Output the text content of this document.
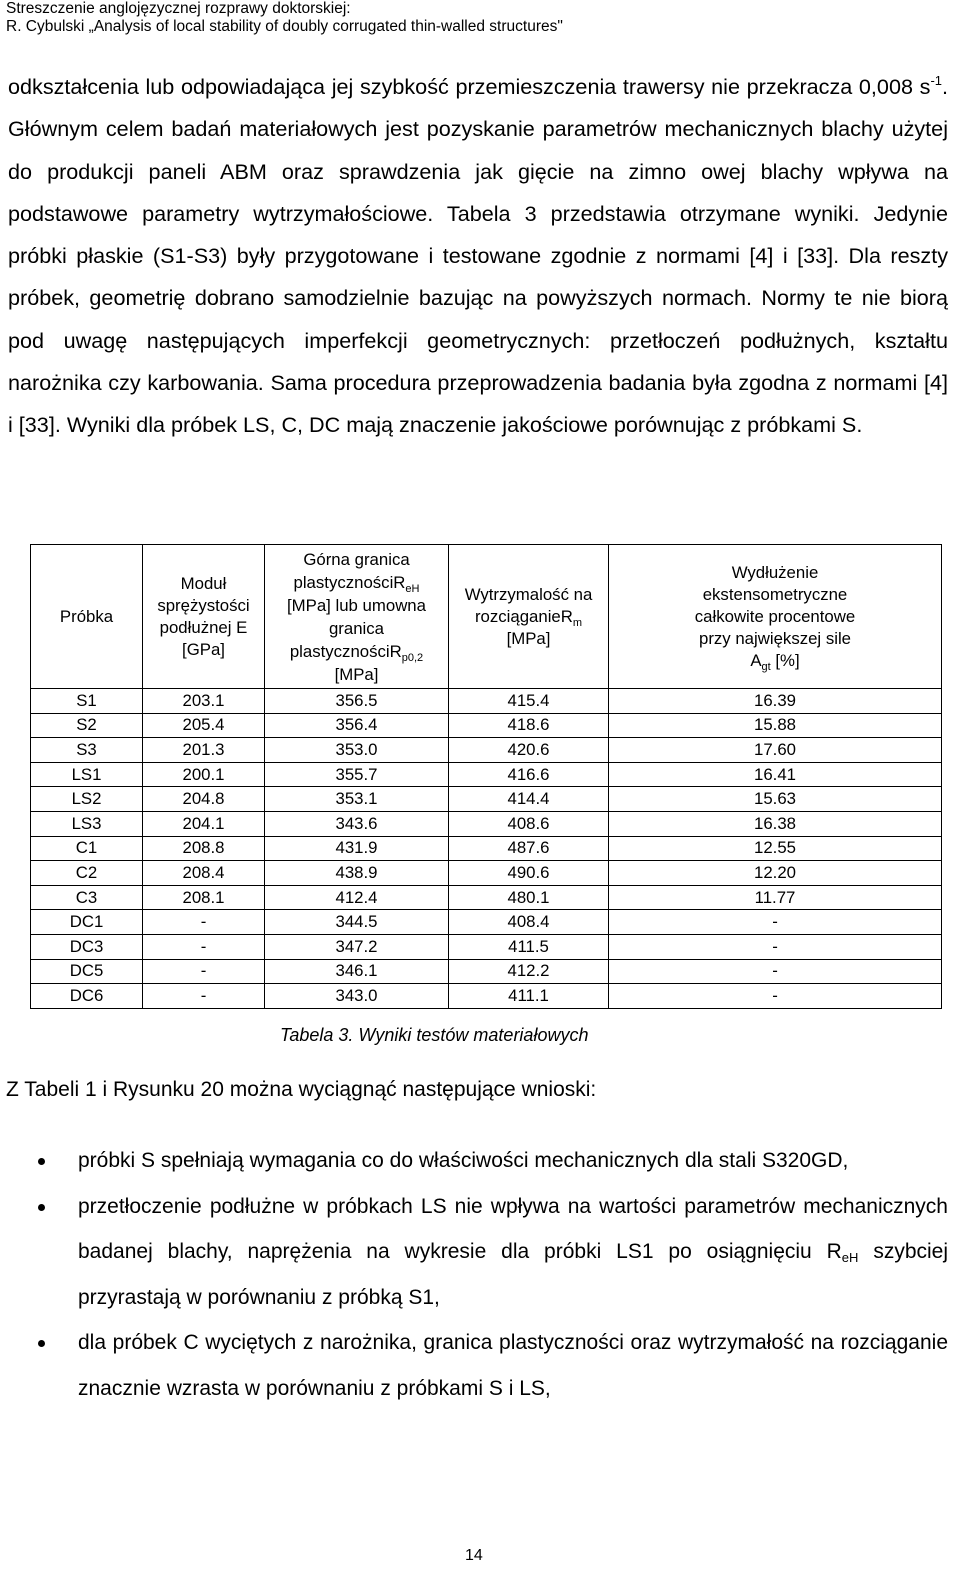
Streszczenie anglojęzycznej rozprawy doktorskiej:
R. Cybulski „Analysis of local stability of doubly corrugated thin-walled structures"

odkształcenia lub odpowiadająca jej szybkość przemieszczenia trawersy nie przekracza 0,008 $s^{-1}$. Głównym celem badań materiałowych jest pozyskanie parametrów mechanicznych blachy użytej do produkcji paneli ABM oraz sprawdzenia jak gięcie na zimno owej blachy wpływa na podstawowe parametry wytrzymałościowe. Tabela 3 przedstawia otrzymane wyniki. Jedynie próbki płaskie (S1-S3) były przygotowane i testowane zgodnie z normami [4] i [33]. Dla reszty próbek, geometrię dobrano samodzielnie bazując na powyższych normach. Normy te nie biorą pod uwagę następujących imperfekcji geometrycznych: przetłoczeń podłużnych, kształtu narożnika czy karbowania. Sama procedura przeprowadzenia badania była zgodna z normami [4] i [33]. Wyniki dla próbek LS, C, DC mają znaczenie jakościowe porównując z próbkami S.

Próbka	Moduł sprężystości podłużnej E [GPa]	Górna granica plastycznościR$_{eH}$ [MPa] lub umowna granica plastycznościR$_{p0,2}$ [MPa]	Wytrzymalość na rozciąganieR$_m$ [MPa]	Wydłużenie ekstensometryczne całkowite procentowe przy największej sile $A_{gt}$ [%]
S1	203.1	356.5	415.4	16.39
S2	205.4	356.4	418.6	15.88
S3	201.3	353.0	420.6	17.60
LS1	200.1	355.7	416.6	16.41
LS2	204.8	353.1	414.4	15.63
LS3	204.1	343.6	408.6	16.38
C1	208.8	431.9	487.6	12.55
C2	208.4	438.9	490.6	12.20
C3	208.1	412.4	480.1	11.77
DC1	-	344.5	408.4	-
DC3	-	347.2	411.5	-
DC5	-	346.1	412.2	-
DC6	-	343.0	411.1	-
Tabela 3. Wyniki testów materiałowych
Z Tabeli 1 i Rysunku 20 można wyciągnąć następujące wnioski:
próbki S spełniają wymagania co do właściwości mechanicznych dla stali S320GD,
przetłoczenie podłużne w próbkach LS nie wpływa na wartości parametrów mechanicznych badanej blachy, naprężenia na wykresie dla próbki LS1 po osiągnięciu $R_{eH}$ szybciej przyrastają w porównaniu z próbką S1,
dla próbek C wyciętych z narożnika, granica plastyczności oraz wytrzymałość na rozciąganie znacznie wzrasta w porównaniu z próbkami S i LS,
14
